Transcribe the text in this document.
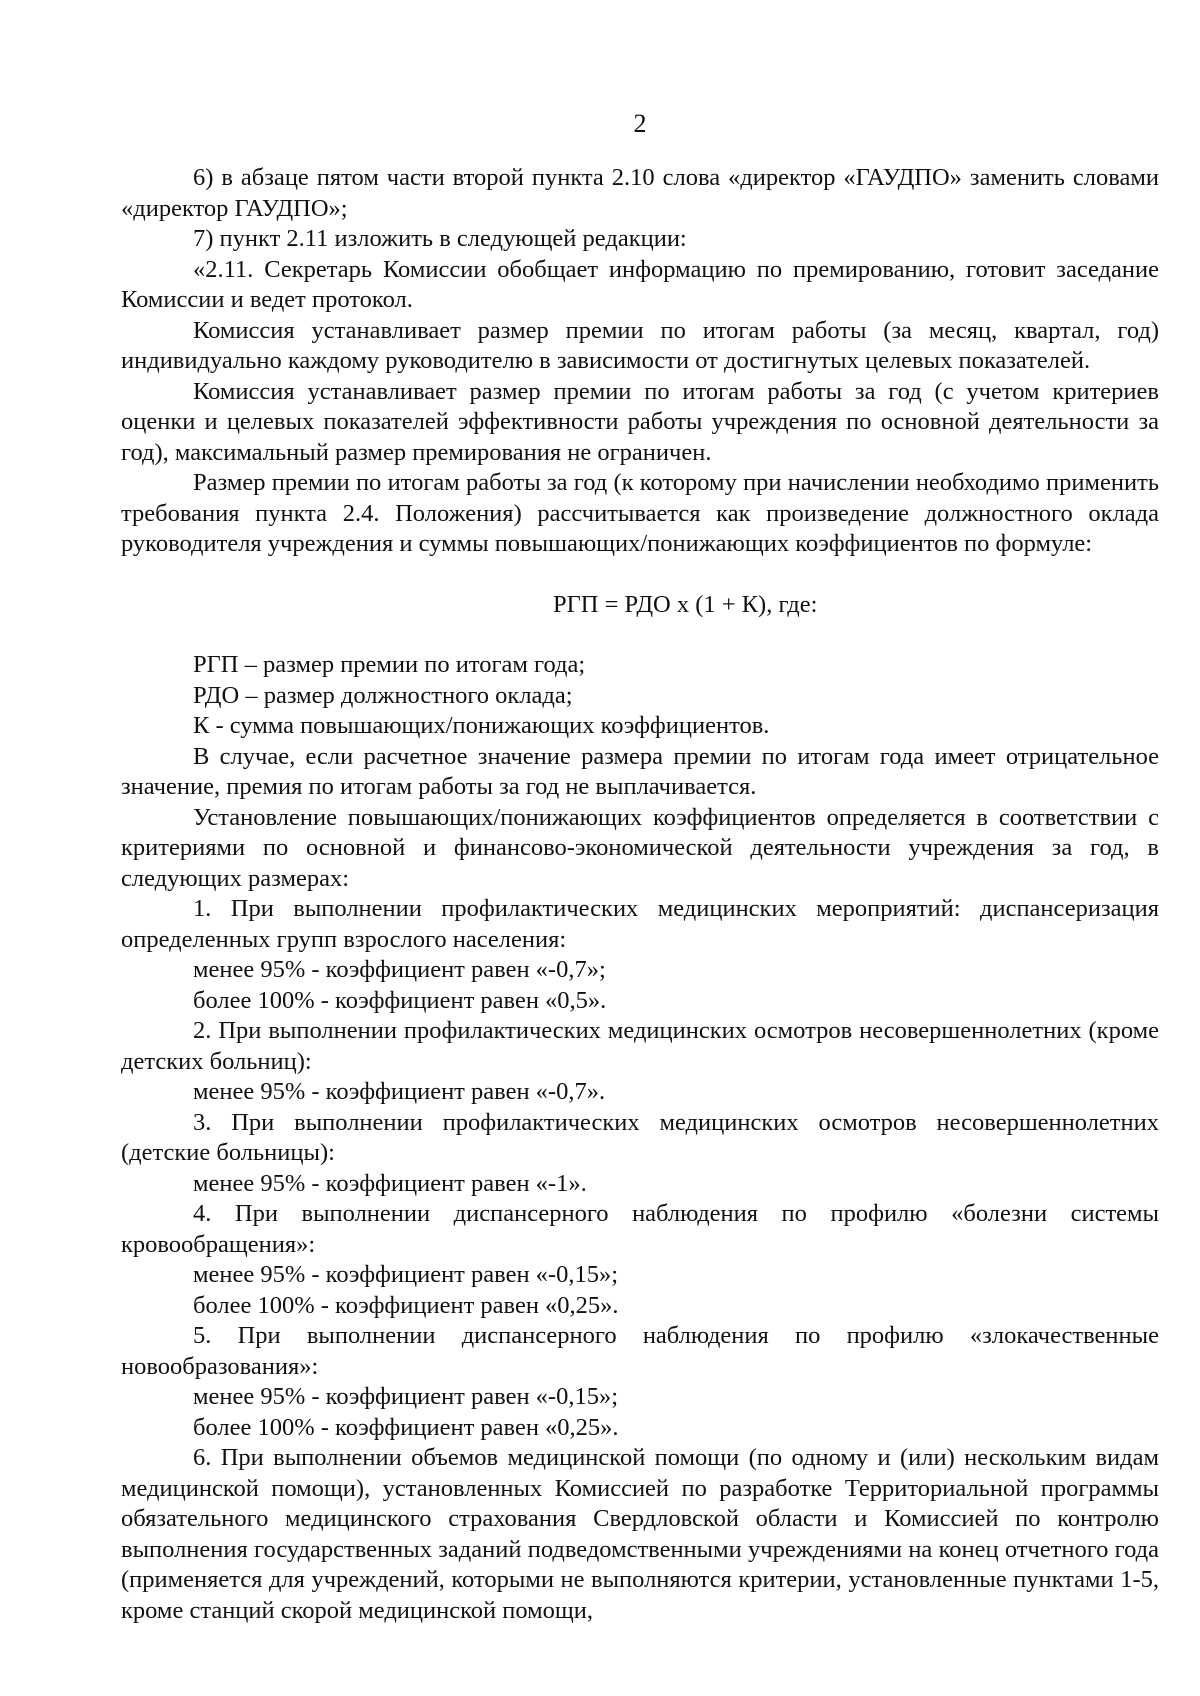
2

6) в абзаце пятом части второй пункта 2.10 слова «директор «ГАУДПО» заменить словами «директор ГАУДПО»;

7) пункт 2.11 изложить в следующей редакции:

«2.11. Секретарь Комиссии обобщает информацию по премированию, готовит заседание Комиссии и ведет протокол.

Комиссия устанавливает размер премии по итогам работы (за месяц, квартал, год) индивидуально каждому руководителю в зависимости от достигнутых целевых показателей.

Комиссия устанавливает размер премии по итогам работы за год (с учетом критериев оценки и целевых показателей эффективности работы учреждения по основной деятельности за год), максимальный размер премирования не ограничен.

Размер премии по итогам работы за год (к которому при начислении необходимо применить требования пункта 2.4. Положения) рассчитывается как произведение должностного оклада руководителя учреждения и суммы повышающих/понижающих коэффициентов по формуле:

РГП = РДО х (1 + К), где:

РГП – размер премии по итогам года;

РДО – размер должностного оклада;

К - сумма повышающих/понижающих коэффициентов.

В случае, если расчетное значение размера премии по итогам года имеет отрицательное значение, премия по итогам работы за год не выплачивается.

Установление повышающих/понижающих коэффициентов определяется в соответствии с критериями по основной и финансово-экономической деятельности учреждения за год, в следующих размерах:

1. При выполнении профилактических медицинских мероприятий: диспансеризация определенных групп взрослого населения:

менее 95% - коэффициент равен «-0,7»;

более 100% - коэффициент равен «0,5».

2. При выполнении профилактических медицинских осмотров несовершеннолетних (кроме детских больниц):

менее 95% - коэффициент равен «-0,7».

3. При выполнении профилактических медицинских осмотров несовершеннолетних (детские больницы):

менее 95% - коэффициент равен «-1».

4. При выполнении диспансерного наблюдения по профилю «болезни системы кровообращения»:

менее 95% - коэффициент равен «-0,15»;

более 100% - коэффициент равен «0,25».

5. При выполнении диспансерного наблюдения по профилю «злокачественные новообразования»:

менее 95% - коэффициент равен «-0,15»;

более 100% - коэффициент равен «0,25».

6. При выполнении объемов медицинской помощи (по одному и (или) нескольким видам медицинской помощи), установленных Комиссией по разработке Территориальной программы обязательного медицинского страхования Свердловской области и Комиссией по контролю выполнения государственных заданий подведомственными учреждениями на конец отчетного года (применяется для учреждений, которыми не выполняются критерии, установленные пунктами 1-5, кроме станций скорой медицинской помощи,
